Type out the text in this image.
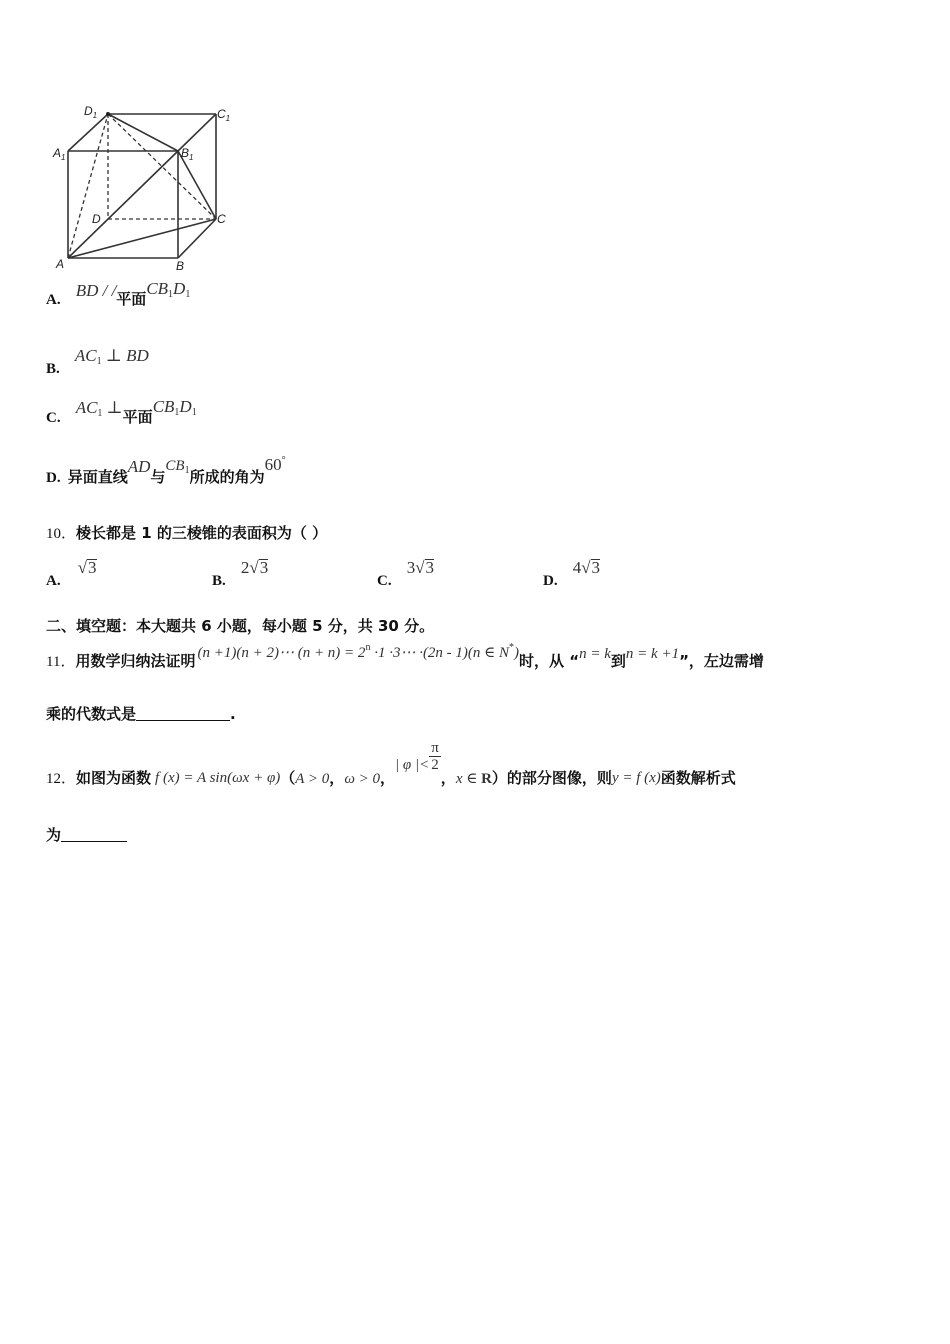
$D_1$	$C_1$
$A_1$	$B_1$
D	C
A	B
A. BD / /平面$CB_1D_1$
B. $AC_1$ ⊥ BD
C. $AC_1$ ⊥平面$CB_1D_1$
D. 异面直线AD与$CB_1$所成的角为60°
10．棱长都是 1 的三棱锥的表面积为（ ）
A. √3
B. 2√3
C. 3√3
D. 4√3
二、填空题：本大题共 6 小题，每小题 5 分，共 30 分。
11．用数学归纳法证明 (n +1)(n + 2)⋯ $(n + n) = 2^n \cdot 1$ ·3⋯ ·(2n - 1)(n ∈ N*)时，从 “n = k到n = k +1”，左边需增
乘的代数式是	.
12．如图为函数 f (x) = A sin(ωx + φ)（A > 0，ω > 0，| φ |< $\frac{\pi}{2}$
，x ∈ R）的部分图像，则y = f (x)函数解析式
为
